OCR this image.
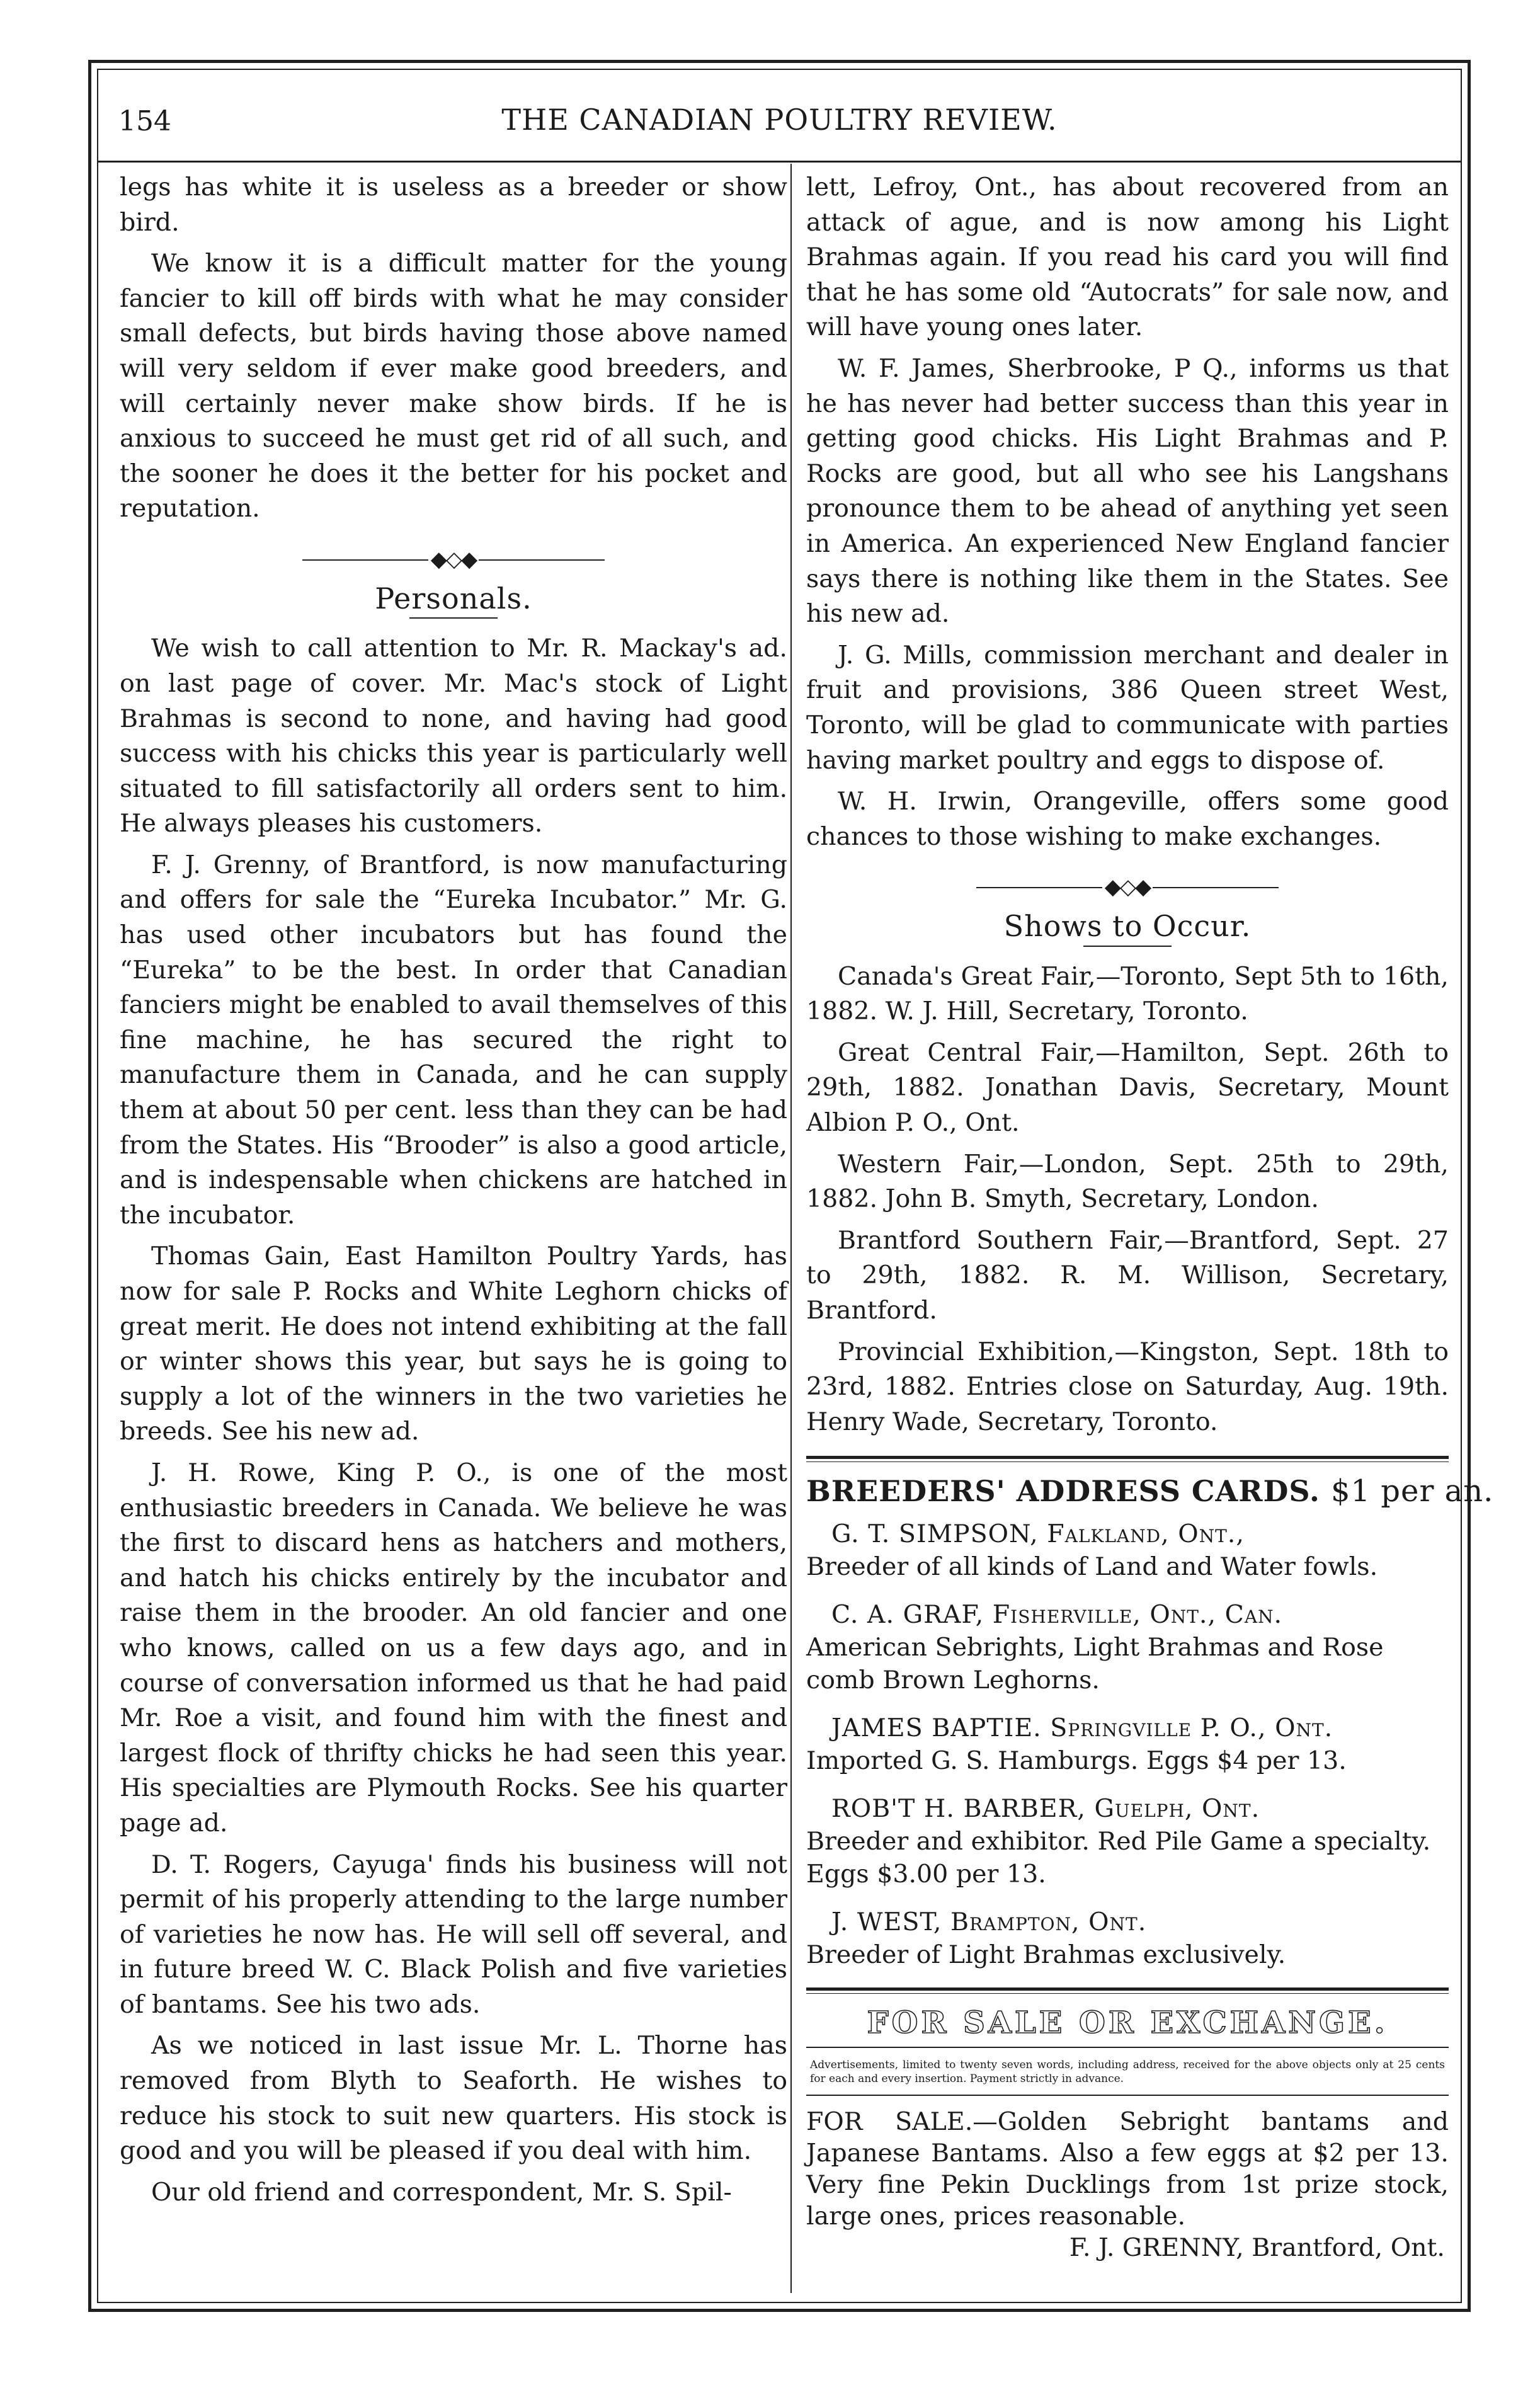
154	THE CANADIAN POULTRY REVIEW.

legs has white it is useless as a breeder or show bird.

We know it is a difficult matter for the young fancier to kill off birds with what he may consider small defects, but birds having those above named will very seldom if ever make good breeders, and will certainly never make show birds. If he is anxious to succeed he must get rid of all such, and the sooner he does it the better for his pocket and reputation.

◆◇◆
Personals.

We wish to call attention to Mr. R. Mackay's ad. on last page of cover. Mr. Mac's stock of Light Brahmas is second to none, and having had good success with his chicks this year is particularly well situated to fill satisfactorily all orders sent to him. He always pleases his customers.

F. J. Grenny, of Brantford, is now manufacturing and offers for sale the “Eureka Incubator.” Mr. G. has used other incubators but has found the “Eureka” to be the best. In order that Canadian fanciers might be enabled to avail themselves of this fine machine, he has secured the right to manufacture them in Canada, and he can supply them at about 50 per cent. less than they can be had from the States. His “Brooder” is also a good article, and is indespensable when chickens are hatched in the incubator.

Thomas Gain, East Hamilton Poultry Yards, has now for sale P. Rocks and White Leghorn chicks of great merit. He does not intend exhibiting at the fall or winter shows this year, but says he is going to supply a lot of the winners in the two varieties he breeds. See his new ad.

J. H. Rowe, King P. O., is one of the most enthusiastic breeders in Canada. We believe he was the first to discard hens as hatchers and mothers, and hatch his chicks entirely by the incubator and raise them in the brooder. An old fancier and one who knows, called on us a few days ago, and in course of conversation informed us that he had paid Mr. Roe a visit, and found him with the finest and largest flock of thrifty chicks he had seen this year. His specialties are Plymouth Rocks. See his quarter page ad.

D. T. Rogers, Cayuga' finds his business will not permit of his properly attending to the large number of varieties he now has. He will sell off several, and in future breed W. C. Black Polish and five varieties of bantams. See his two ads.

As we noticed in last issue Mr. L. Thorne has removed from Blyth to Seaforth. He wishes to reduce his stock to suit new quarters. His stock is good and you will be pleased if you deal with him.

Our old friend and correspondent, Mr. S. Spil-

lett, Lefroy, Ont., has about recovered from an attack of ague, and is now among his Light Brahmas again. If you read his card you will find that he has some old “Autocrats” for sale now, and will have young ones later.

W. F. James, Sherbrooke, P Q., informs us that he has never had better success than this year in getting good chicks. His Light Brahmas and P. Rocks are good, but all who see his Langshans pronounce them to be ahead of anything yet seen in America. An experienced New England fancier says there is nothing like them in the States. See his new ad.

J. G. Mills, commission merchant and dealer in fruit and provisions, 386 Queen street West, Toronto, will be glad to communicate with parties having market poultry and eggs to dispose of.

W. H. Irwin, Orangeville, offers some good chances to those wishing to make exchanges.

◆◇◆
Shows to Occur.

Canada's Great Fair,—Toronto, Sept 5th to 16th, 1882. W. J. Hill, Secretary, Toronto.

Great Central Fair,—Hamilton, Sept. 26th to 29th, 1882. Jonathan Davis, Secretary, Mount Albion P. O., Ont.

Western Fair,—London, Sept. 25th to 29th, 1882. John B. Smyth, Secretary, London.

Brantford Southern Fair,—Brantford, Sept. 27 to 29th, 1882. R. M. Willison, Secretary, Brantford.

Provincial Exhibition,—Kingston, Sept. 18th to 23rd, 1882. Entries close on Saturday, Aug. 19th. Henry Wade, Secretary, Toronto.

BREEDERS' ADDRESS CARDS. $1 per an.
G. T. SIMPSON, Falkland, Ont.,
Breeder of all kinds of Land and Water fowls.
C. A. GRAF, Fisherville, Ont., Can.
American Sebrights, Light Brahmas and Rose comb Brown Leghorns.
JAMES BAPTIE. Springville P. O., Ont.
Imported G. S. Hamburgs. Eggs $4 per 13.
ROB'T H. BARBER, Guelph, Ont.
Breeder and exhibitor. Red Pile Game a specialty. Eggs $3.00 per 13.
J. WEST, Brampton, Ont.
Breeder of Light Brahmas exclusively.
FOR SALE OR EXCHANGE.
Advertisements, limited to twenty seven words, including address, received for the above objects only at 25 cents for each and every insertion. Payment strictly in advance.
FOR SALE.—Golden Sebright bantams and Japanese Bantams. Also a few eggs at $2 per 13. Very fine Pekin Ducklings from 1st prize stock, large ones, prices reasonable.
F. J. GRENNY, Brantford, Ont.
